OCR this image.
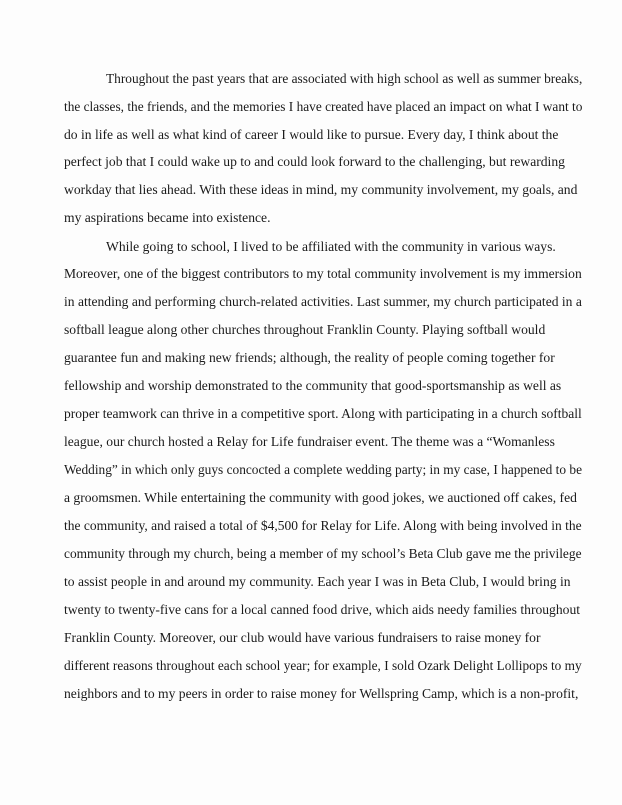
Throughout the past years that are associated with high school as well as summer breaks,
the classes, the friends, and the memories I have created have placed an impact on what I want to
do in life as well as what kind of career I would like to pursue. Every day, I think about the
perfect job that I could wake up to and could look forward to the challenging, but rewarding
workday that lies ahead. With these ideas in mind, my community involvement, my goals, and
my aspirations became into existence.
While going to school, I lived to be affiliated with the community in various ways.
Moreover, one of the biggest contributors to my total community involvement is my immersion
in attending and performing church-related activities. Last summer, my church participated in a
softball league along other churches throughout Franklin County. Playing softball would
guarantee fun and making new friends; although, the reality of people coming together for
fellowship and worship demonstrated to the community that good-sportsmanship as well as
proper teamwork can thrive in a competitive sport. Along with participating in a church softball
league, our church hosted a Relay for Life fundraiser event. The theme was a “Womanless
Wedding” in which only guys concocted a complete wedding party; in my case, I happened to be
a groomsmen. While entertaining the community with good jokes, we auctioned off cakes, fed
the community, and raised a total of $4,500 for Relay for Life. Along with being involved in the
community through my church, being a member of my school’s Beta Club gave me the privilege
to assist people in and around my community. Each year I was in Beta Club, I would bring in
twenty to twenty-five cans for a local canned food drive, which aids needy families throughout
Franklin County. Moreover, our club would have various fundraisers to raise money for
different reasons throughout each school year; for example, I sold Ozark Delight Lollipops to my
neighbors and to my peers in order to raise money for Wellspring Camp, which is a non-profit,
